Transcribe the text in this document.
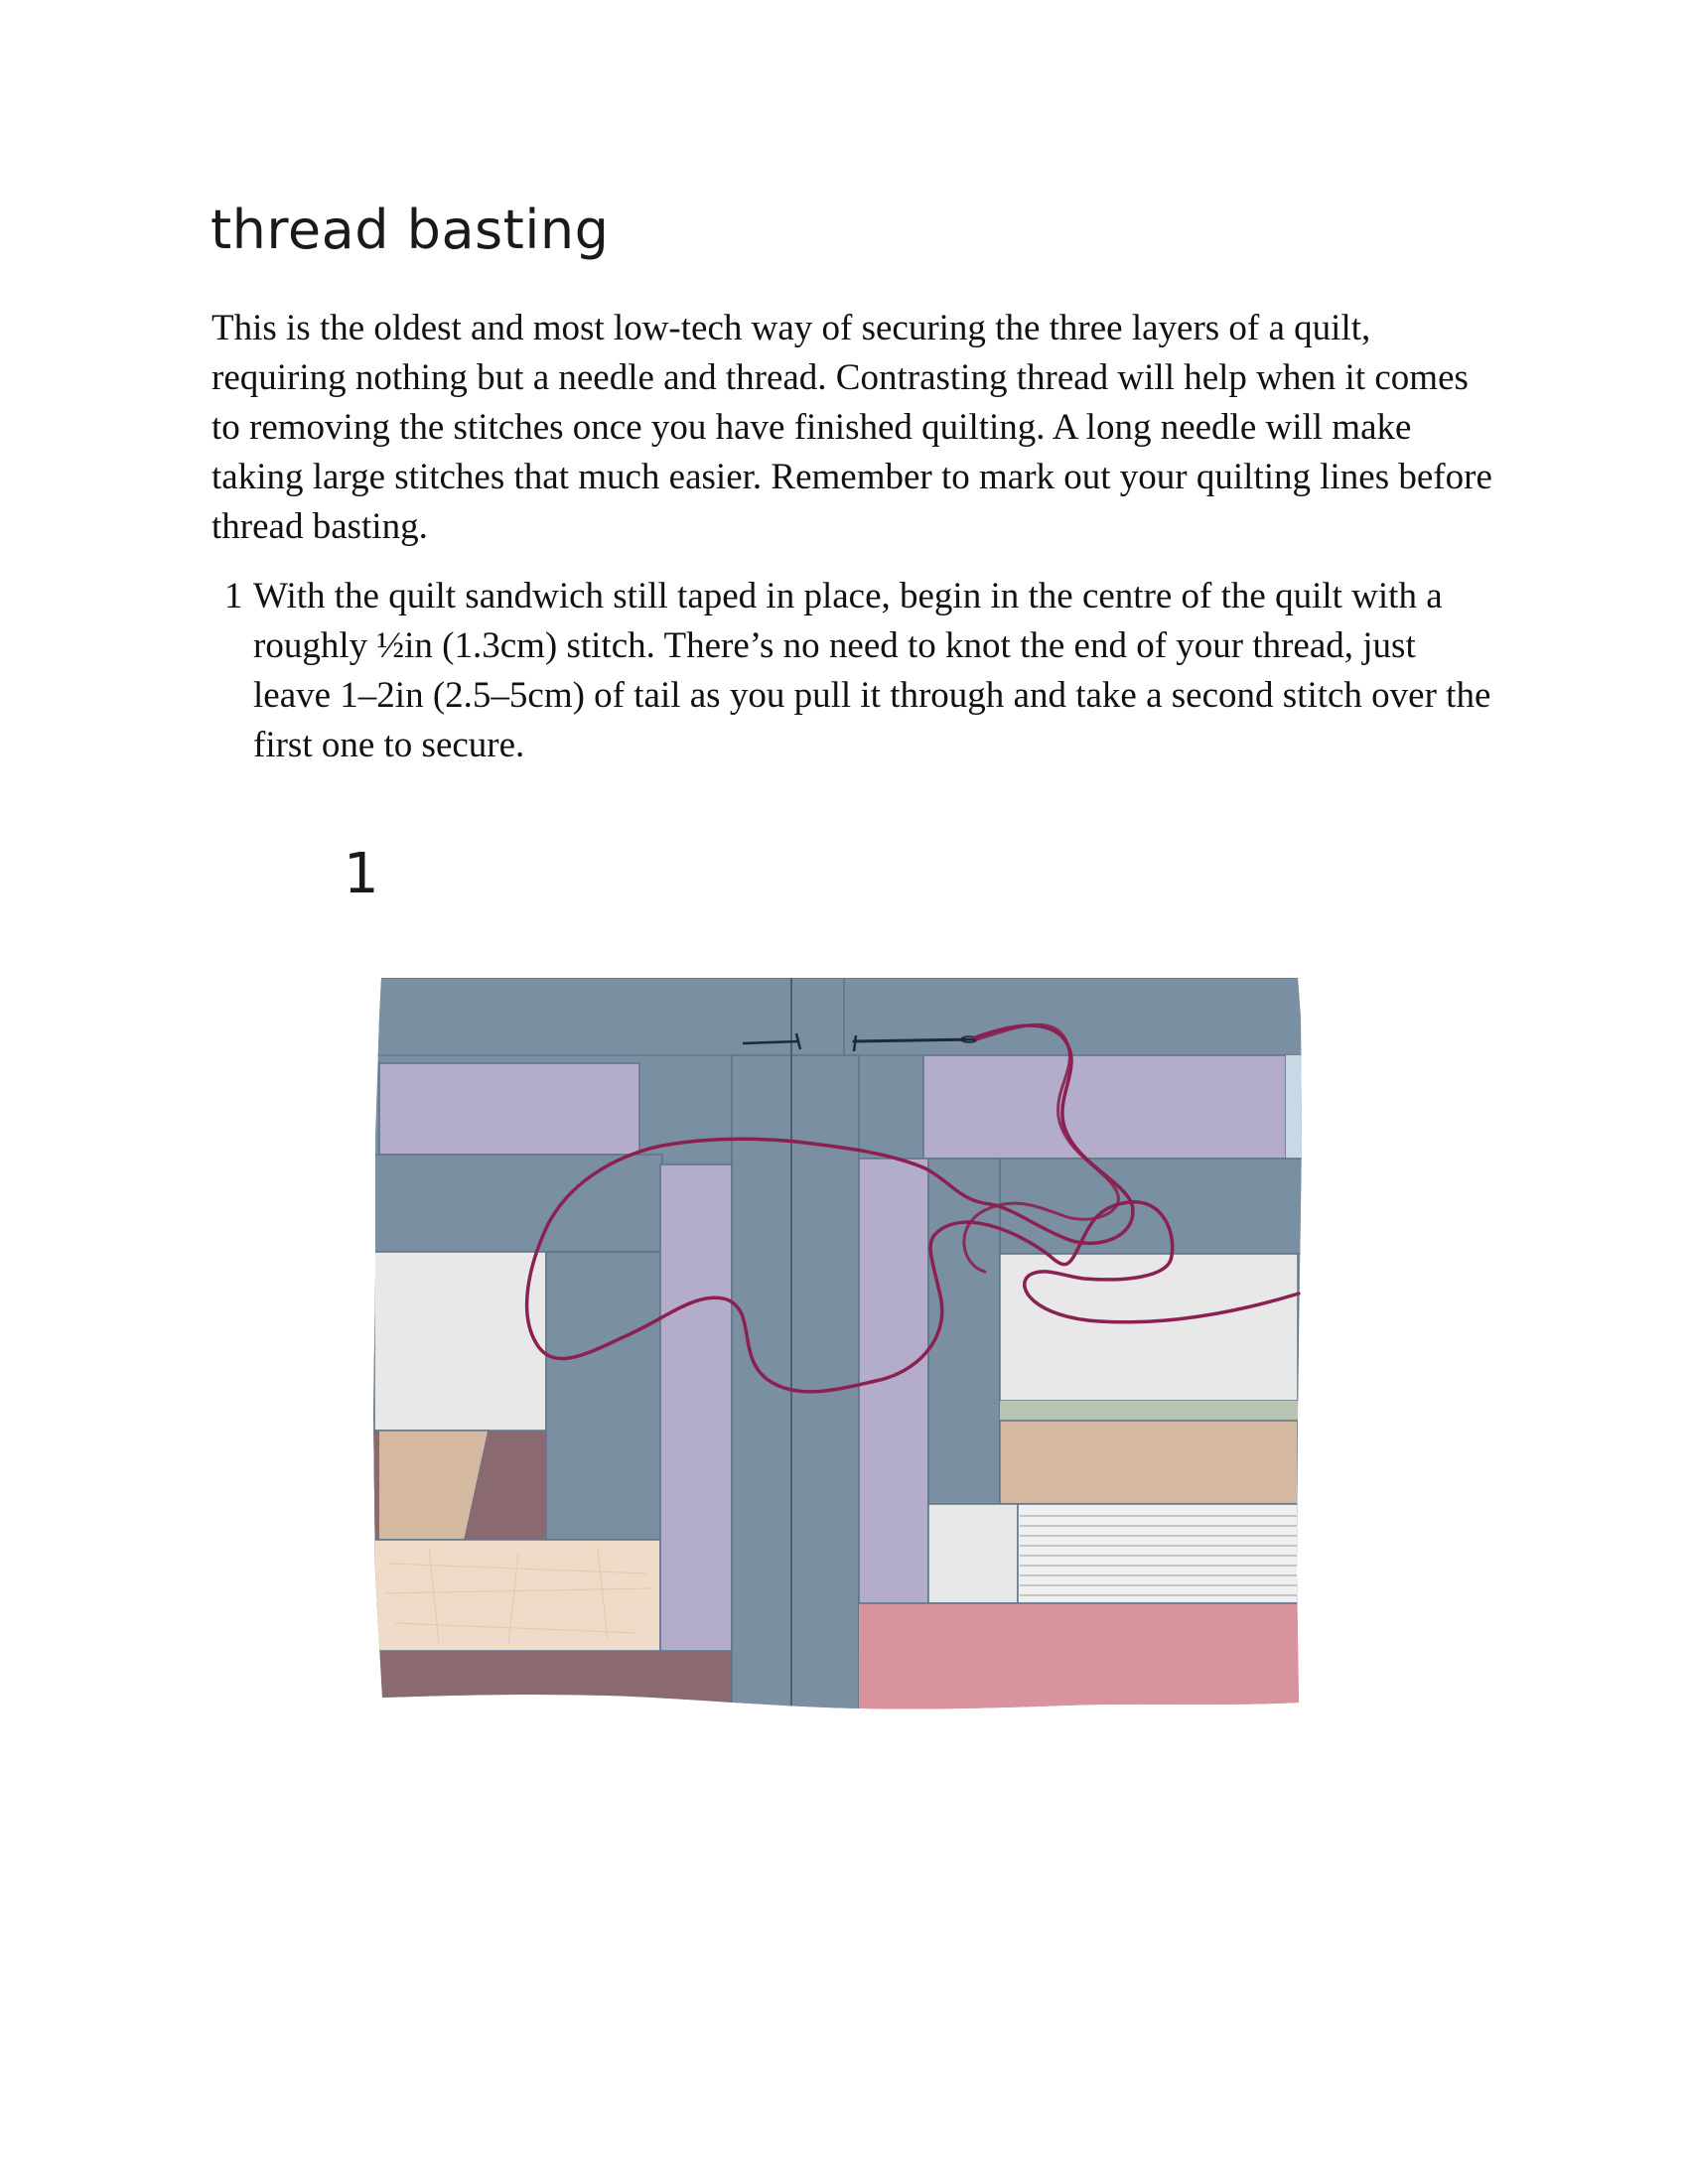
thread basting

This is the oldest and most low-tech way of securing the three layers of a quilt, requiring nothing but a needle and thread. Contrasting thread will help when it comes to removing the stitches once you have finished quilting. A long needle will make taking large stitches that much easier. Remember to mark out your quilting lines before thread basting.

1 With the quilt sandwich still taped in place, begin in the centre of the quilt with a roughly ½in (1.3cm) stitch. There’s no need to knot the end of your thread, just leave 1–2in (2.5–5cm) of tail as you pull it through and take a second stitch over the first one to secure.
1
